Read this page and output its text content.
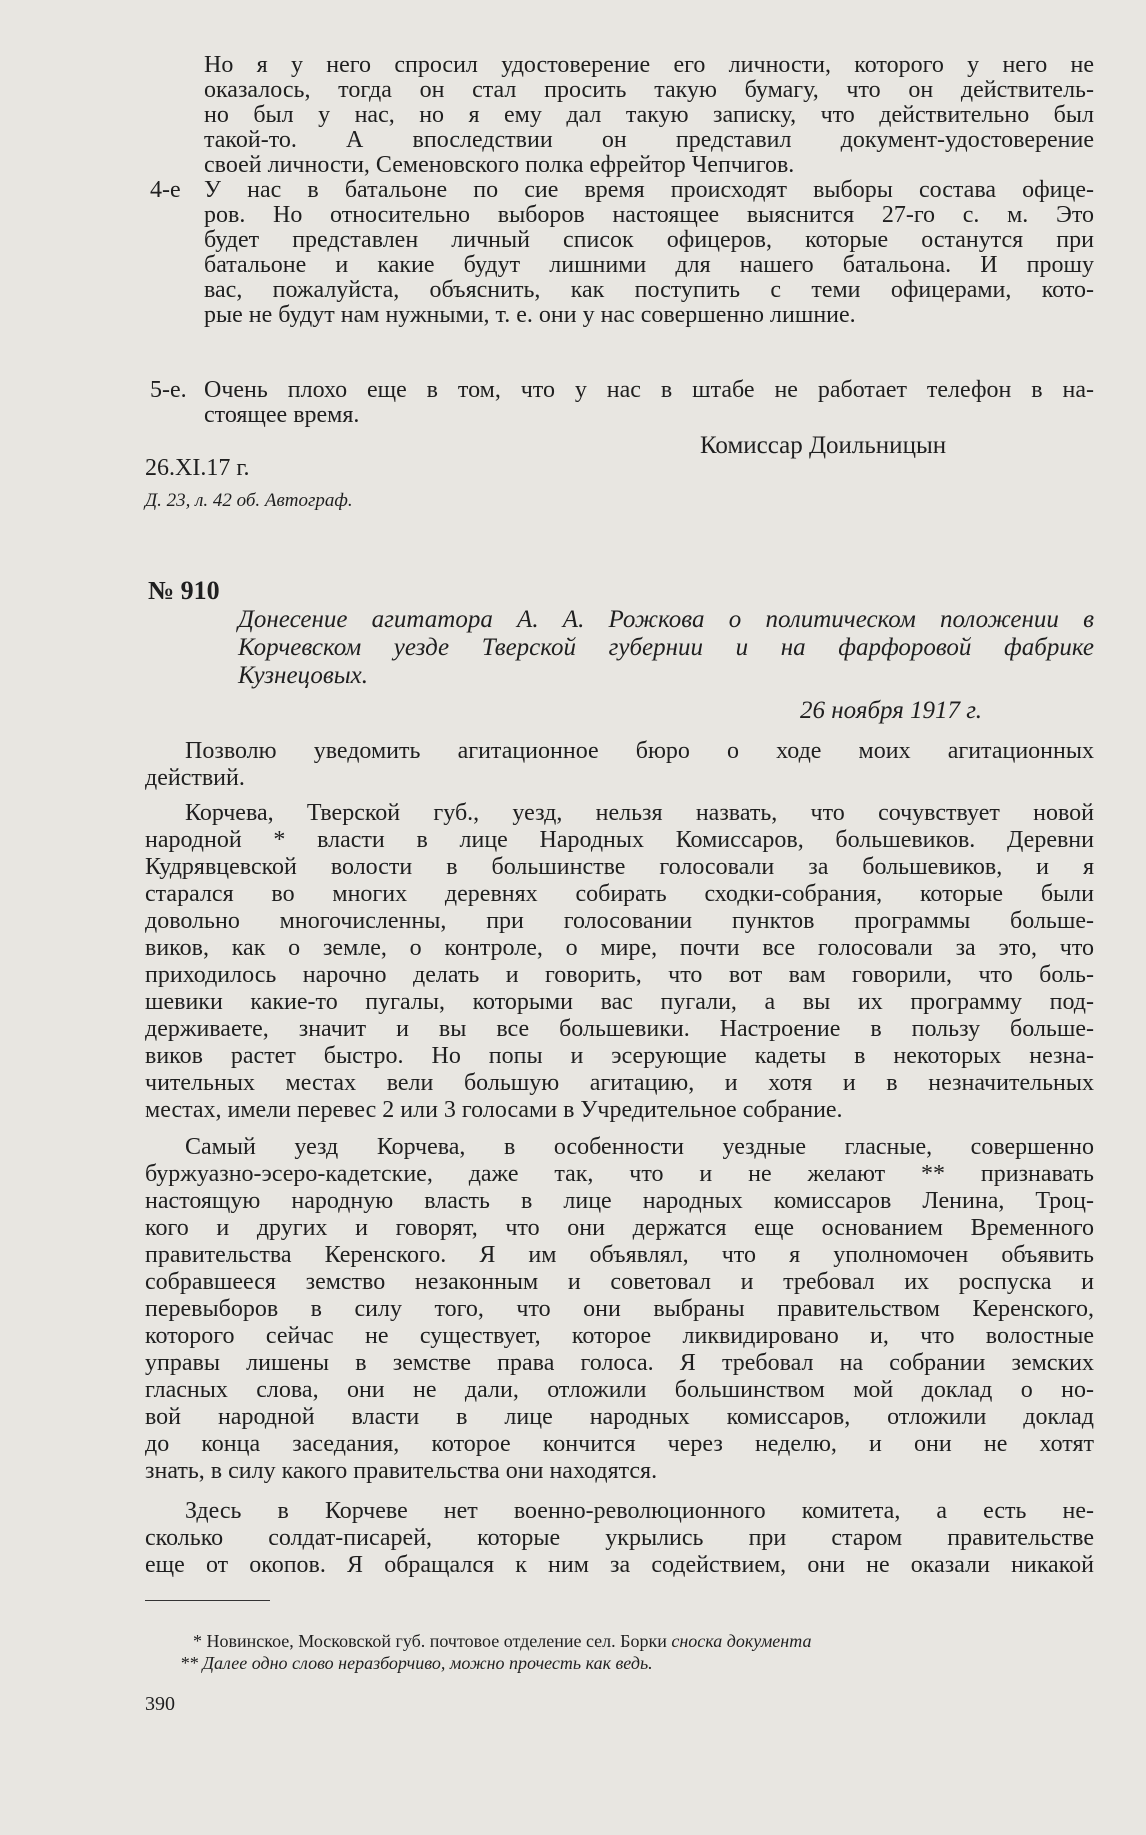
Но я у него спросил удостоверение его личности, которого у него не
оказалось, тогда он стал просить такую бумагу, что он действитель-
но был у нас, но я ему дал такую записку, что действительно был
такой-то. А впоследствии он представил документ-удостоверение
своей личности, Семеновского полка ефрейтор Чепчигов.
4-е У нас в батальоне по сие время происходят выборы состава офице-
ров. Но относительно выборов настоящее выяснится 27-го с. м. Это
будет представлен личный список офицеров, которые останутся при
батальоне и какие будут лишними для нашего батальона. И прошу
вас, пожалуйста, объяснить, как поступить с теми офицерами, кото-
рые не будут нам нужными, т. е. они у нас совершенно лишние.
5-е. Очень плохо еще в том, что у нас в штабе не работает телефон в на-
стоящее время.
Комиссар Доильницын
26.XI.17 г.
Д. 23, л. 42 об. Автограф.
№ 910
Донесение агитатора А. А. Рожкова о политическом положении в
Корчевском уезде Тверской губернии и на фарфоровой фабрике
Кузнецовых.
26 ноября 1917 г.
Позволю уведомить агитационное бюро о ходе моих агитационных
действий.
Корчева, Тверской губ., уезд, нельзя назвать, что сочувствует новой
народной * власти в лице Народных Комиссаров, большевиков. Деревни
Кудрявцевской волости в большинстве голосовали за большевиков, и я
старался во многих деревнях собирать сходки-собрания, которые были
довольно многочисленны, при голосовании пунктов программы больше-
виков, как о земле, о контроле, о мире, почти все голосовали за это, что
приходилось нарочно делать и говорить, что вот вам говорили, что боль-
шевики какие-то пугалы, которыми вас пугали, а вы их программу под-
держиваете, значит и вы все большевики. Настроение в пользу больше-
виков растет быстро. Но попы и эсерующие кадеты в некоторых незна-
чительных местах вели большую агитацию, и хотя и в незначительных
местах, имели перевес 2 или 3 голосами в Учредительное собрание.
Самый уезд Корчева, в особенности уездные гласные, совершенно
буржуазно-эсеро-кадетские, даже так, что и не желают ** признавать
настоящую народную власть в лице народных комиссаров Ленина, Троц-
кого и других и говорят, что они держатся еще основанием Временного
правительства Керенского. Я им объявлял, что я уполномочен объявить
собравшееся земство незаконным и советовал и требовал их роспуска и
перевыборов в силу того, что они выбраны правительством Керенского,
которого сейчас не существует, которое ликвидировано и, что волостные
управы лишены в земстве права голоса. Я требовал на собрании земских
гласных слова, они не дали, отложили большинством мой доклад о но-
вой народной власти в лице народных комиссаров, отложили доклад
до конца заседания, которое кончится через неделю, и они не хотят
знать, в силу какого правительства они находятся.
Здесь в Корчеве нет военно-революционного комитета, а есть не-
сколько солдат-писарей, которые укрылись при старом правительстве
еще от окопов. Я обращался к ним за содействием, они не оказали никакой
* Новинское, Московской губ. почтовое отделение сел. Борки сноска документа
** Далее одно слово неразборчиво, можно прочесть как ведь.
390
